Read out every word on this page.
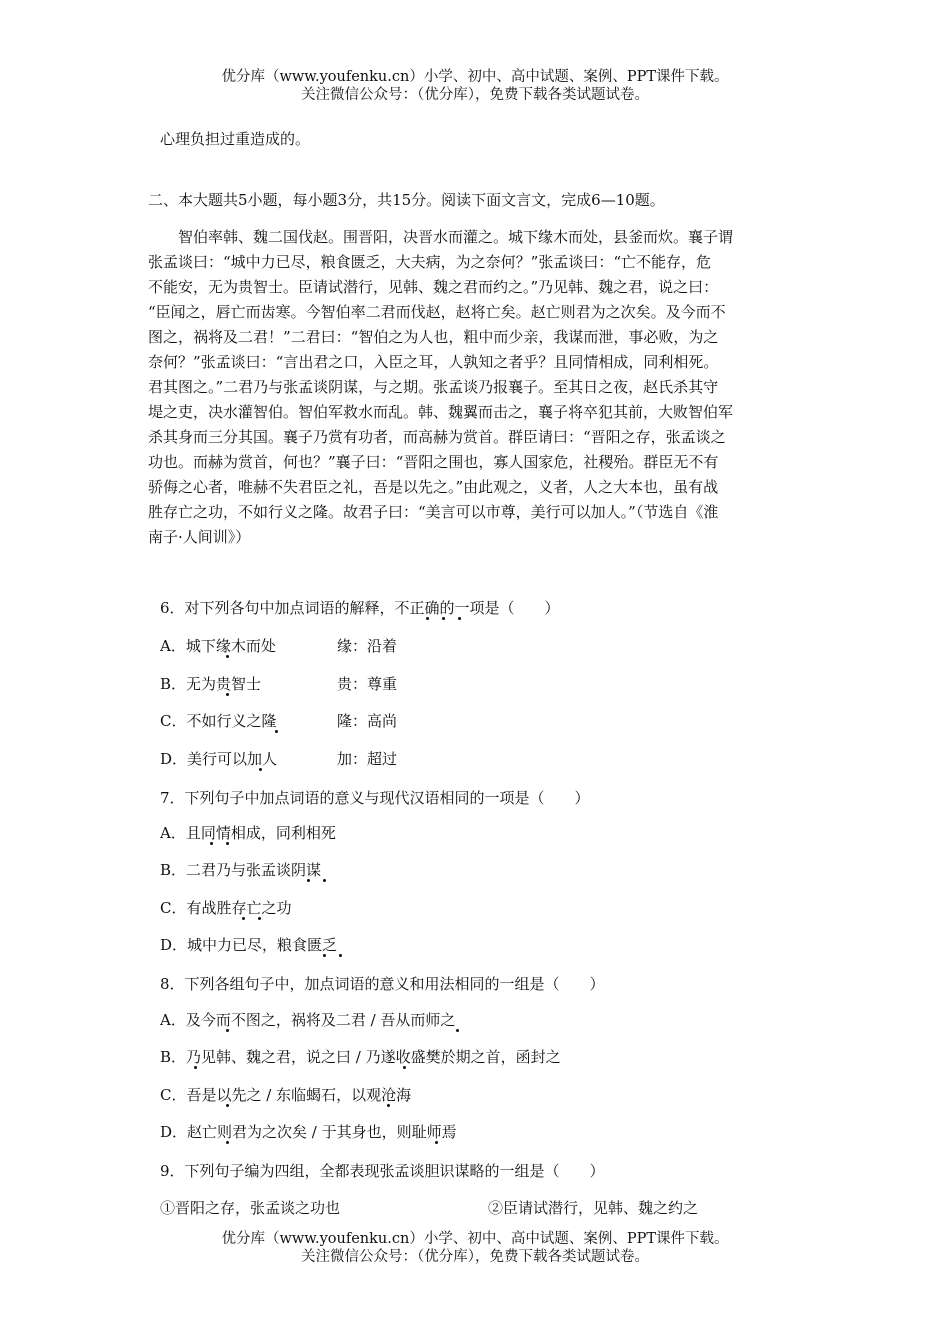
优分库（www.youfenku.cn）小学、初中、高中试题、案例、PPT课件下载。
关注微信公众号：（优分库），免费下载各类试题试卷。
心理负担过重造成的。
二、本大题共5小题，每小题3分，共15分。阅读下面文言文，完成6—10题。
　　智伯率韩、魏二国伐赵。围晋阳，决晋水而灌之。城下缘木而处，县釜而炊。襄子谓
张孟谈曰：“城中力已尽，粮食匮乏，大夫病，为之奈何？”张孟谈曰：“亡不能存，危
不能安，无为贵智士。臣请试潜行，见韩、魏之君而约之。”乃见韩、魏之君，说之曰：
“臣闻之，唇亡而齿寒。今智伯率二君而伐赵，赵将亡矣。赵亡则君为之次矣。及今而不
图之，祸将及二君！”二君曰：“智伯之为人也，粗中而少亲，我谋而泄，事必败，为之
奈何？”张孟谈曰：“言出君之口，入臣之耳，人孰知之者乎？且同情相成，同利相死。
君其图之。”二君乃与张孟谈阴谋，与之期。张孟谈乃报襄子。至其日之夜，赵氏杀其守
堤之吏，决水灌智伯。智伯军救水而乱。韩、魏翼而击之，襄子将卒犯其前，大败智伯军
杀其身而三分其国。襄子乃赏有功者，而高赫为赏首。群臣请曰：“晋阳之存，张孟谈之
功也。而赫为赏首，何也？”襄子曰：“晋阳之围也，寡人国家危，社稷殆。群臣无不有
骄侮之心者，唯赫不失君臣之礼，吾是以先之。”由此观之，义者，人之大本也，虽有战
胜存亡之功，不如行义之隆。故君子曰：“美言可以市尊，美行可以加人。”（节选自《淮
南子·人间训》）
6．对下列各句中加点词语的解释，不正确的一项是（　　）
A．城下缘木而处	缘：沿着
B．无为贵智士	贵：尊重
C．不如行义之隆	隆：高尚
D．美行可以加人	加：超过
7．下列句子中加点词语的意义与现代汉语相同的一项是（　　）
A．且同情相成，同利相死
B．二君乃与张孟谈阴谋
C．有战胜存亡之功
D．城中力已尽，粮食匮乏
8．下列各组句子中，加点词语的意义和用法相同的一组是（　　）
A．及今而不图之，祸将及二君 / 吾从而师之
B．乃见韩、魏之君，说之曰 / 乃遂收盛樊於期之首，函封之
C．吾是以先之 / 东临蝎石，以观沧海
D．赵亡则君为之次矣 / 于其身也，则耻师焉
9．下列句子编为四组，全都表现张孟谈胆识谋略的一组是（　　）
①晋阳之存，张孟谈之功也	②臣请试潜行，见韩、魏之约之
优分库（www.youfenku.cn）小学、初中、高中试题、案例、PPT课件下载。
关注微信公众号：（优分库），免费下载各类试题试卷。
